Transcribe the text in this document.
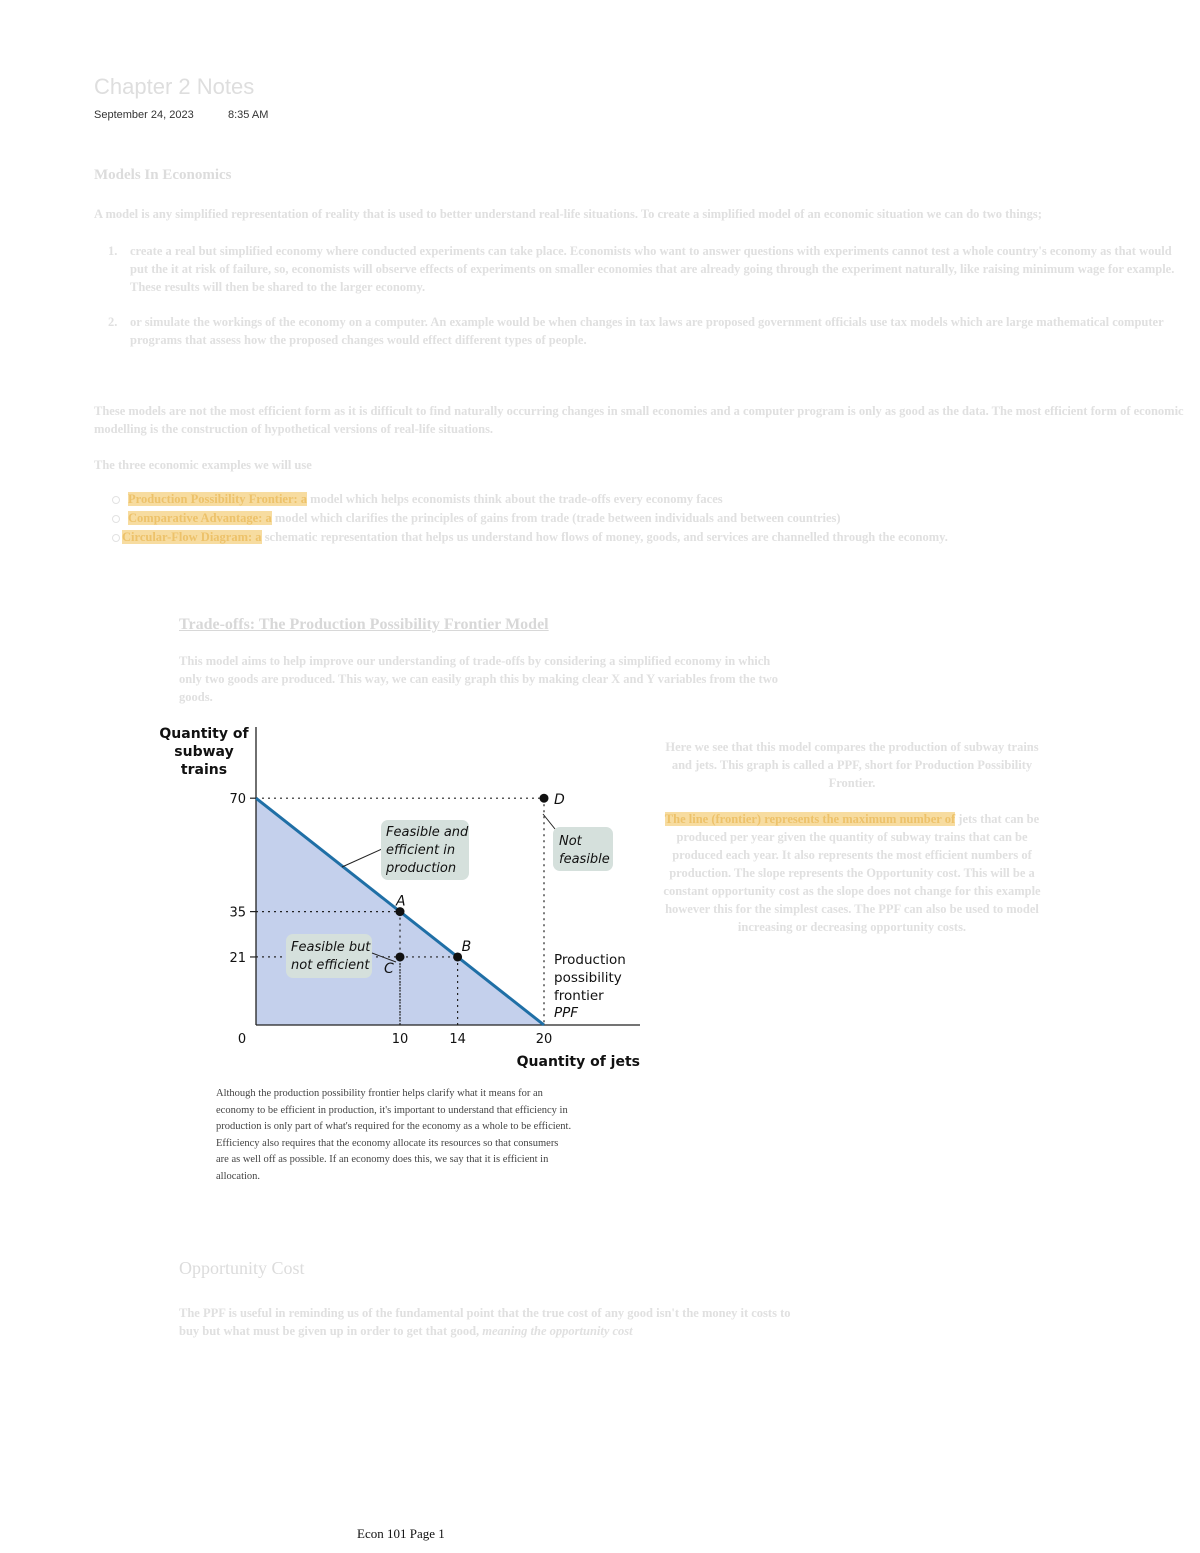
Chapter 2 Notes
September 24, 2023	8:35 AM
Models In Economics
A model is any simplified representation of reality that is used to better understand real-life situations. To create a simplified model of an economic situation we can do two things;
1. create a real but simplified economy where conducted experiments can take place. Economists who want to answer questions with experiments cannot test a whole country's economy as that would put the it at risk of failure, so, economists will observe effects of experiments on smaller economies that are already going through the experiment naturally, like raising minimum wage for example. These results will then be shared to the larger economy.
2. or simulate the workings of the economy on a computer. An example would be when changes in tax laws are proposed government officials use tax models which are large mathematical computer programs that assess how the proposed changes would effect different types of people.
These models are not the most efficient form as it is difficult to find naturally occurring changes in small economies and a computer program is only as good as the data. The most efficient form of economic modelling is the construction of hypothetical versions of real-life situations.
The three economic examples we will use
Production Possibility Frontier: a model which helps economists think about the trade-offs every economy faces
Comparative Advantage: a model which clarifies the principles of gains from trade (trade between individuals and between countries)
Circular-Flow Diagram: a schematic representation that helps us understand how flows of money, goods, and services are channelled through the economy.
Trade-offs: The Production Possibility Frontier Model
This model aims to help improve our understanding of trade-offs by considering a simplified economy in which only two goods are produced. This way, we can easily graph this by making clear X and Y variables from the two goods.
Here we see that this model compares the production of subway trains and jets. This graph is called a PPF, short for Production Possibility Frontier.
The line (frontier) represents the maximum number of jets that can be produced per year given the quantity of subway trains that can be produced each year. It also represents the most efficient numbers of production. The slope represents the Opportunity cost. This will be a constant opportunity cost as the slope does not change for this example however this for the simplest cases. The PPF can also be used to model increasing or decreasing opportunity costs.
Quantity of
subway
trains
A
B
C
D
70
35
21
0	10	14	20
Feasible and
efficient in
production
Feasible but
not efficient
Not
feasible
Production
possibility
frontier
PPF
Quantity of jets
Although the production possibility frontier helps clarify what it means for an
economy to be efficient in production, it's important to understand that efficiency in
production is only part of what's required for the economy as a whole to be efficient.
Efficiency also requires that the economy allocate its resources so that consumers
are as well off as possible. If an economy does this, we say that it is efficient in
allocation.
Opportunity Cost
The PPF is useful in reminding us of the fundamental point that the true cost of any good isn't the money it costs to buy but what must be given up in order to get that good, meaning the opportunity cost
Econ 101 Page 1
